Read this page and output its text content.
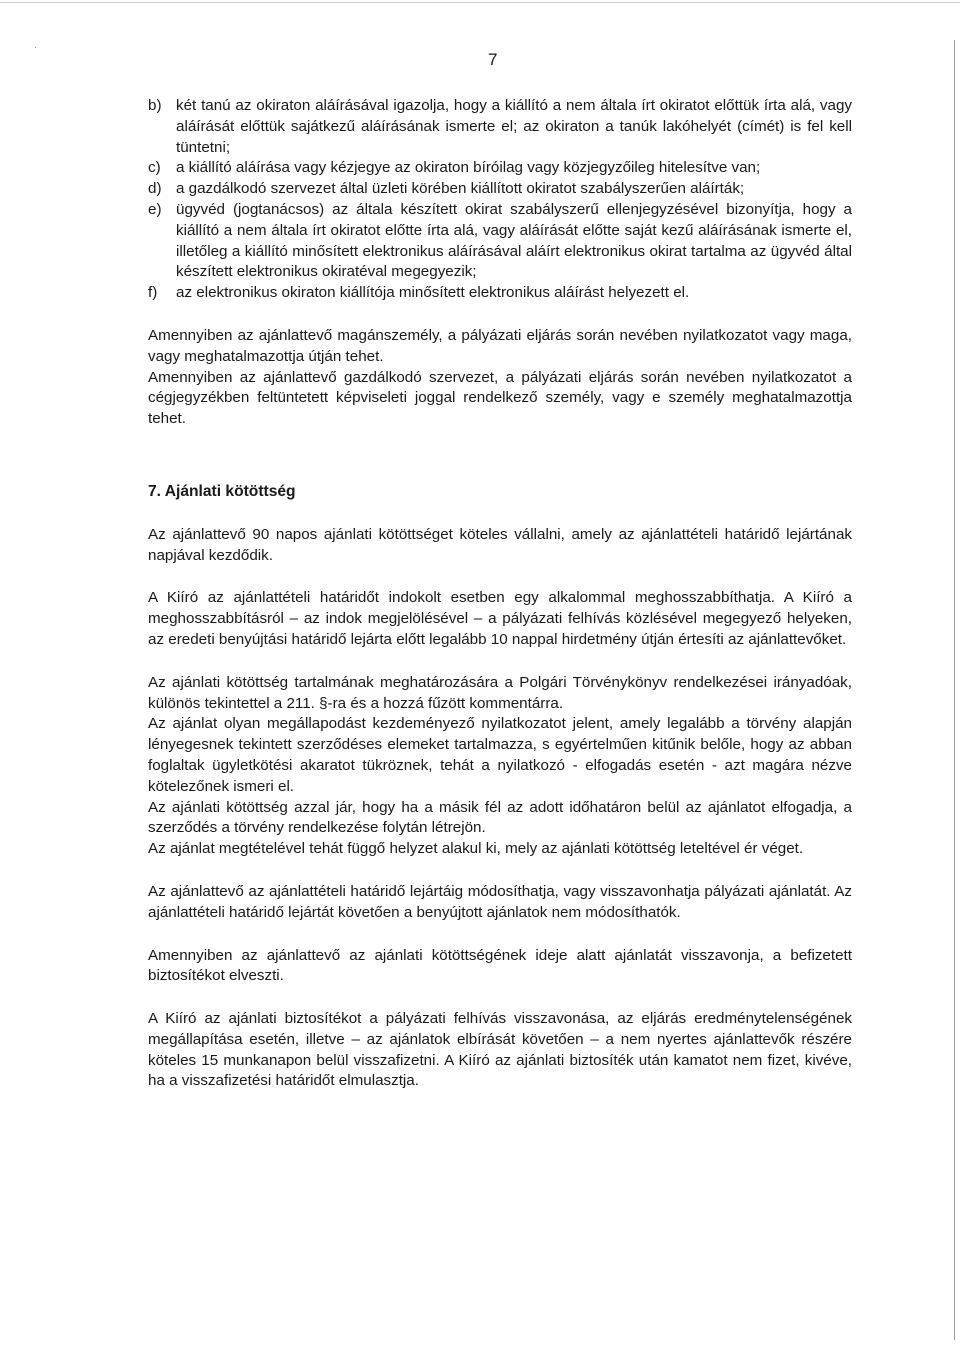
·
7
b) két tanú az okiraton aláírásával igazolja, hogy a kiállító a nem általa írt okiratot előttük írta alá, vagy aláírását előttük sajátkezű aláírásának ismerte el; az okiraton a tanúk lakóhelyét (címét) is fel kell tüntetni;
c)	a kiállító aláírása vagy kézjegye az okiraton bíróilag vagy közjegyzőileg hitelesítve van;
d) a gazdálkodó szervezet által üzleti körében kiállított okiratot szabályszerűen aláírták;
e) ügyvéd (jogtanácsos) az általa készített okirat szabályszerű ellenjegyzésével bizonyítja, hogy a kiállító a nem általa írt okiratot előtte írta alá, vagy aláírását előtte saját kezű aláírásának ismerte el, illetőleg a kiállító minősített elektronikus aláírásával aláírt elektronikus okirat tartalma az ügyvéd által készített elektronikus okiratéval megegyezik;
f)	az elektronikus okiraton kiállítója minősített elektronikus aláírást helyezett el.

Amennyiben az ajánlattevő magánszemély, a pályázati eljárás során nevében nyilatkozatot vagy maga, vagy meghatalmazottja útján tehet.

Amennyiben az ajánlattevő gazdálkodó szervezet, a pályázati eljárás során nevében nyilatkozatot a cégjegyzékben feltüntetett képviseleti joggal rendelkező személy, vagy e személy meghatalmazottja tehet.

7. Ajánlati kötöttség

Az ajánlattevő 90 napos ajánlati kötöttséget köteles vállalni, amely az ajánlattételi határidő lejártának napjával kezdődik.

A Kiíró az ajánlattételi határidőt indokolt esetben egy alkalommal meghosszabbíthatja. A Kiíró a meghosszabbításról – az indok megjelölésével – a pályázati felhívás közlésével megegyező helyeken, az eredeti benyújtási határidő lejárta előtt legalább 10 nappal hirdetmény útján értesíti az ajánlattevőket.

Az ajánlati kötöttség tartalmának meghatározására a Polgári Törvénykönyv rendelkezései irányadóak, különös tekintettel a 211. §-ra és a hozzá fűzött kommentárra.

Az ajánlat olyan megállapodást kezdeményező nyilatkozatot jelent, amely legalább a törvény alapján lényegesnek tekintett szerződéses elemeket tartalmazza, s egyértelműen kitűnik belőle, hogy az abban foglaltak ügyletkötési akaratot tükröznek, tehát a nyilatkozó - elfogadás esetén - azt magára nézve kötelezőnek ismeri el.

Az ajánlati kötöttség azzal jár, hogy ha a másik fél az adott időhatáron belül az ajánlatot elfogadja, a szerződés a törvény rendelkezése folytán létrejön.

Az ajánlat megtételével tehát függő helyzet alakul ki, mely az ajánlati kötöttség leteltével ér véget.

Az ajánlattevő az ajánlattételi határidő lejártáig módosíthatja, vagy visszavonhatja pályázati ajánlatát. Az ajánlattételi határidő lejártát követően a benyújtott ajánlatok nem módosíthatók.

Amennyiben az ajánlattevő az ajánlati kötöttségének ideje alatt ajánlatát visszavonja, a befizetett biztosítékot elveszti.

A Kiíró az ajánlati biztosítékot a pályázati felhívás visszavonása, az eljárás eredménytelenségének megállapítása esetén, illetve – az ajánlatok elbírását követően – a nem nyertes ajánlattevők részére köteles 15 munkanapon belül visszafizetni. A Kiíró az ajánlati biztosíték után kamatot nem fizet, kivéve, ha a visszafizetési határidőt elmulasztja.
